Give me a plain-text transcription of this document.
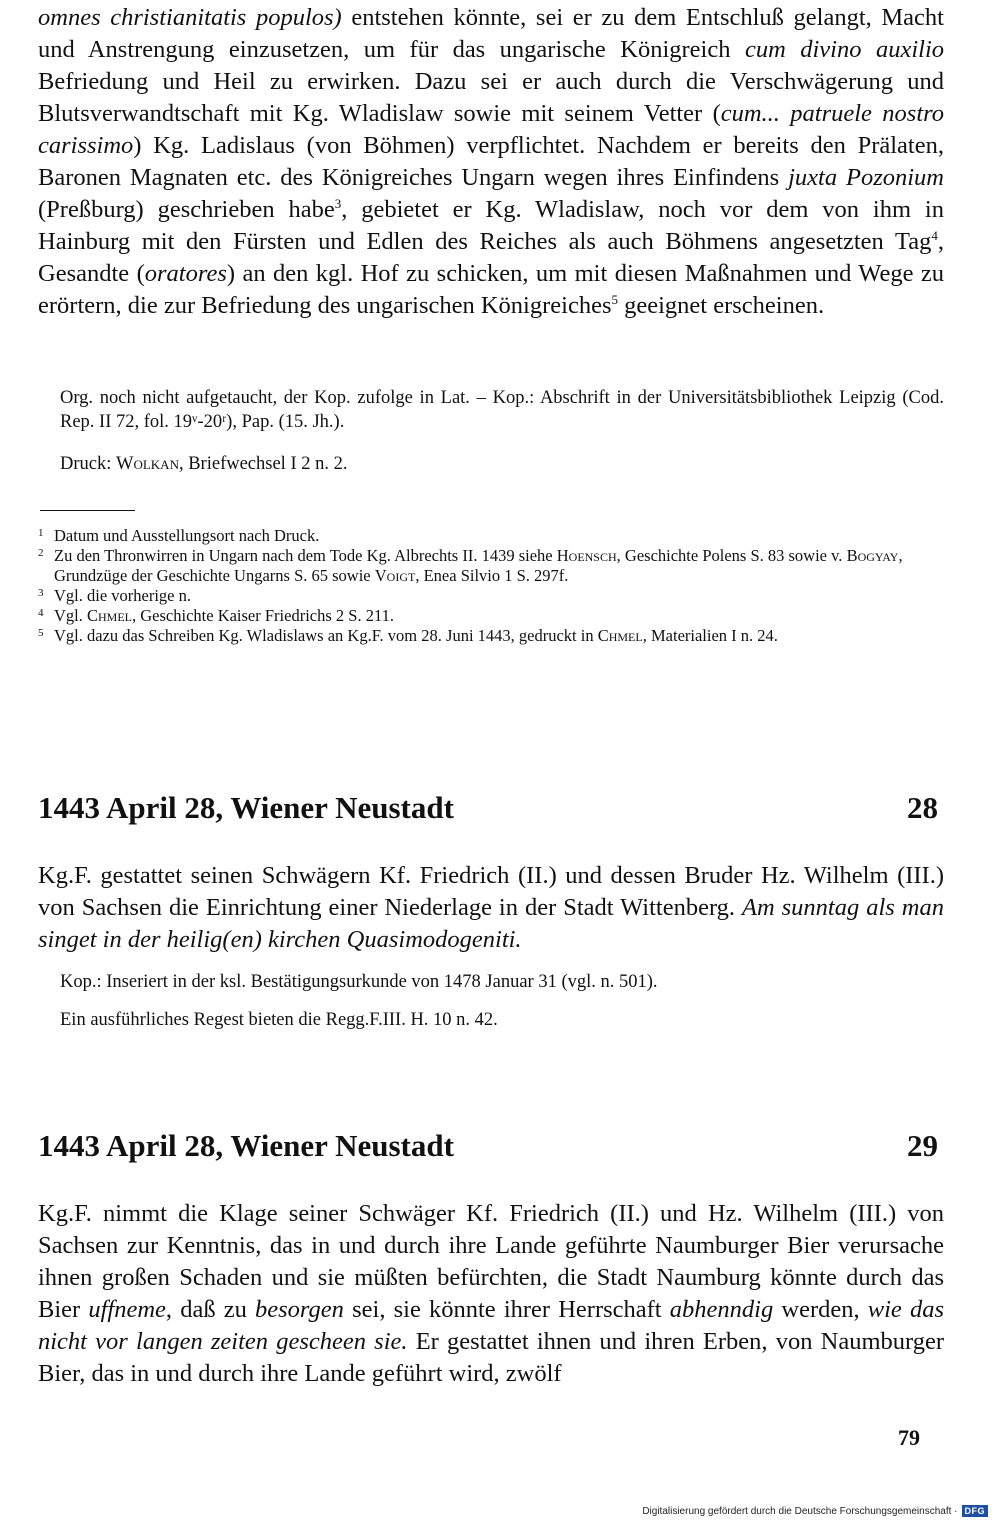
omnes christianitatis populos) entstehen könnte, sei er zu dem Entschluß gelangt, Macht und Anstrengung einzusetzen, um für das ungarische Königreich cum divino auxilio Befriedung und Heil zu erwirken. Dazu sei er auch durch die Verschwägerung und Blutsverwandtschaft mit Kg. Wladislaw sowie mit seinem Vetter (cum... patruele nostro carissimo) Kg. Ladislaus (von Böhmen) verpflichtet. Nachdem er bereits den Prälaten, Baronen Magnaten etc. des Königreiches Ungarn wegen ihres Einfindens juxta Pozonium (Preßburg) geschrieben habe$^3$, gebietet er Kg. Wladislaw, noch vor dem von ihm in Hainburg mit den Fürsten und Edlen des Reiches als auch Böhmens angesetzten Tag$^4$, Gesandte (oratores) an den kgl. Hof zu schicken, um mit diesen Maßnahmen und Wege zu erörtern, die zur Befriedung des ungarischen Königreiches$^5$ geeignet erscheinen.

Org. noch nicht aufgetaucht, der Kop. zufolge in Lat. – Kop.: Abschrift in der Universitätsbibliothek Leipzig (Cod. Rep. II 72, fol. 19ᵛ-20ʳ), Pap. (15. Jh.).

Druck: Wolkan, Briefwechsel I 2 n. 2.

1 Datum und Ausstellungsort nach Druck.
2 Zu den Thronwirren in Ungarn nach dem Tode Kg. Albrechts II. 1439 siehe Hoensch, Geschichte Polens S. 83 sowie v. Bogyay, Grundzüge der Geschichte Ungarns S. 65 sowie Voigt, Enea Silvio 1 S. 297f.
3 Vgl. die vorherige n.
4 Vgl. Chmel, Geschichte Kaiser Friedrichs 2 S. 211.
5 Vgl. dazu das Schreiben Kg. Wladislaws an Kg.F. vom 28. Juni 1443, gedruckt in Chmel, Materialien I n. 24.
1443 April 28, Wiener Neustadt	28

Kg.F. gestattet seinen Schwägern Kf. Friedrich (II.) und dessen Bruder Hz. Wilhelm (III.) von Sachsen die Einrichtung einer Niederlage in der Stadt Wittenberg. Am sunntag als man singet in der heilig(en) kirchen Quasimodogeniti.

Kop.: Inseriert in der ksl. Bestätigungsurkunde von 1478 Januar 31 (vgl. n. 501).

Ein ausführliches Regest bieten die Regg.F.III. H. 10 n. 42.

1443 April 28, Wiener Neustadt	29

Kg.F. nimmt die Klage seiner Schwäger Kf. Friedrich (II.) und Hz. Wilhelm (III.) von Sachsen zur Kenntnis, das in und durch ihre Lande geführte Naumburger Bier verursache ihnen großen Schaden und sie müßten befürchten, die Stadt Naumburg könnte durch das Bier uffneme, daß zu besorgen sei, sie könnte ihrer Herrschaft abhenndig werden, wie das nicht vor langen zeiten gescheen sie. Er gestattet ihnen und ihren Erben, von Naumburger Bier, das in und durch ihre Lande geführt wird, zwölf

79
Digitalisierung gefördert durch die Deutsche Forschungsgemeinschaft · DFG
